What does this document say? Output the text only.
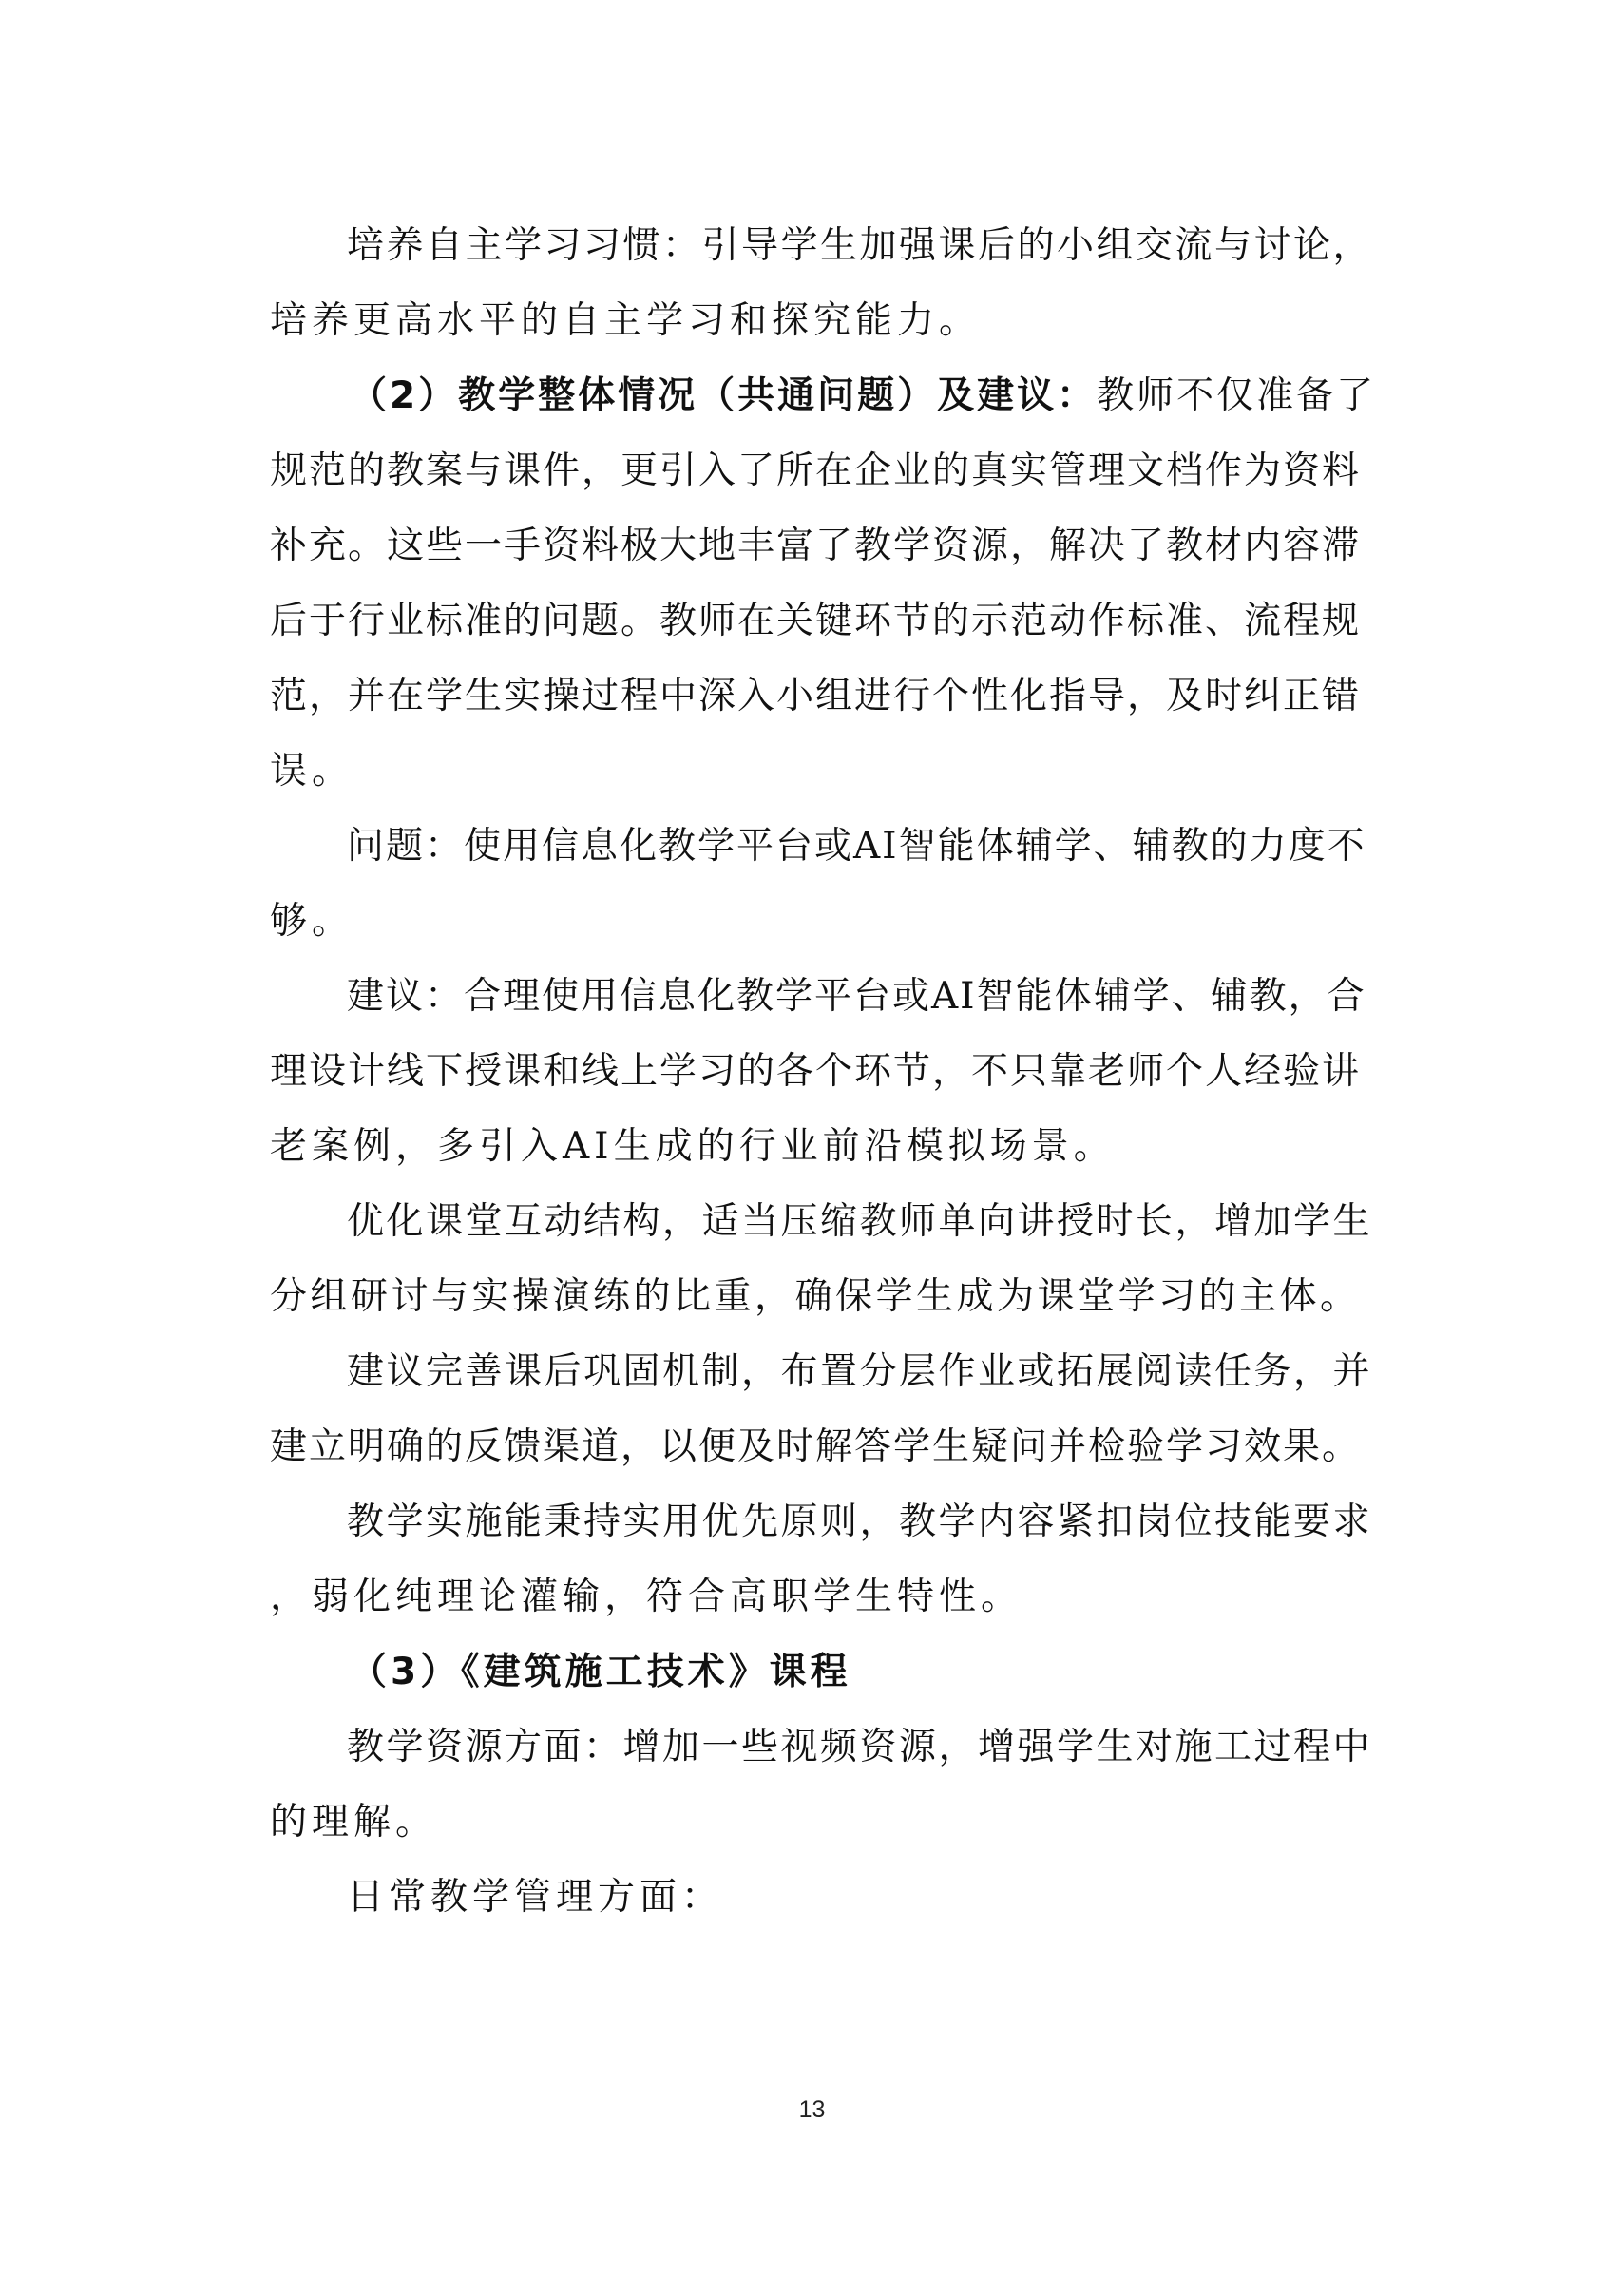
培养自主学习习惯：引导学生加强课后的小组交流与讨论，
培养更高水平的自主学习和探究能力。
（2）教学整体情况（共通问题）及建议：教师不仅准备了
规范的教案与课件，更引入了所在企业的真实管理文档作为资料
补充。这些一手资料极大地丰富了教学资源，解决了教材内容滞
后于行业标准的问题。教师在关键环节的示范动作标准、流程规
范，并在学生实操过程中深入小组进行个性化指导，及时纠正错
误。
问题：使用信息化教学平台或AI智能体辅学、辅教的力度不
够。
建议：合理使用信息化教学平台或AI智能体辅学、辅教，合
理设计线下授课和线上学习的各个环节，不只靠老师个人经验讲
老案例，多引入AI生成的行业前沿模拟场景。
优化课堂互动结构，适当压缩教师单向讲授时长，增加学生
分组研讨与实操演练的比重，确保学生成为课堂学习的主体。
建议完善课后巩固机制，布置分层作业或拓展阅读任务，并
建立明确的反馈渠道，以便及时解答学生疑问并检验学习效果。
教学实施能秉持实用优先原则，教学内容紧扣岗位技能要求
，弱化纯理论灌输，符合高职学生特性。
（3）《建筑施工技术》课程
教学资源方面：增加一些视频资源，增强学生对施工过程中
的理解。
日常教学管理方面：
13
